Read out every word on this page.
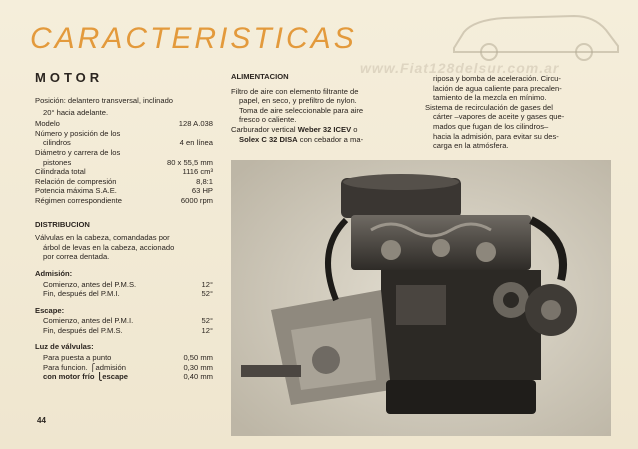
CARACTERISTICAS
www.Fiat128delsur.com.ar
MOTOR
Posición: delantero transversal, inclinado
20° hacia adelante.
Modelo	128 A.038
Número y posición de los
cilindros	4 en línea
Diámetro y carrera de los
pistones	80 x 55,5 mm
Cilindrada total	1116 cm³
Relación de compresión	8,8:1
Potencia máxima S.A.E.	63 HP
Régimen correspondiente	6000 rpm
DISTRIBUCION
Válvulas en la cabeza, comandadas por
árbol de levas en la cabeza, accionado
por correa dentada.
Admisión:
Comienzo, antes del P.M.S.	12°
Fin, después del P.M.I.	52°
Escape:
Comienzo, antes del P.M.I.	52°
Fin, después del P.M.S.	12°
Luz de válvulas:
Para puesta a punto	0,50 mm
Para funcion. ⎧admisión	0,30 mm
con motor frío ⎩escape	0,40 mm
ALIMENTACION
Filtro de aire con elemento filtrante de
papel, en seco, y prefiltro de nylon.
Toma de aire seleccionable para aire
fresco o caliente.
Carburador vertical Weber 32 ICEV o
Solex C 32 DISA con cebador a ma-
riposa y bomba de aceleración. Circu-
lación de agua caliente para precalen-
tamiento de la mezcla en mínimo.
Sistema de recirculación de gases del
cárter –vapores de aceite y gases que-
mados que fugan de los cilindros–
hacia la admisión, para evitar su des-
carga en la atmósfera.
44
